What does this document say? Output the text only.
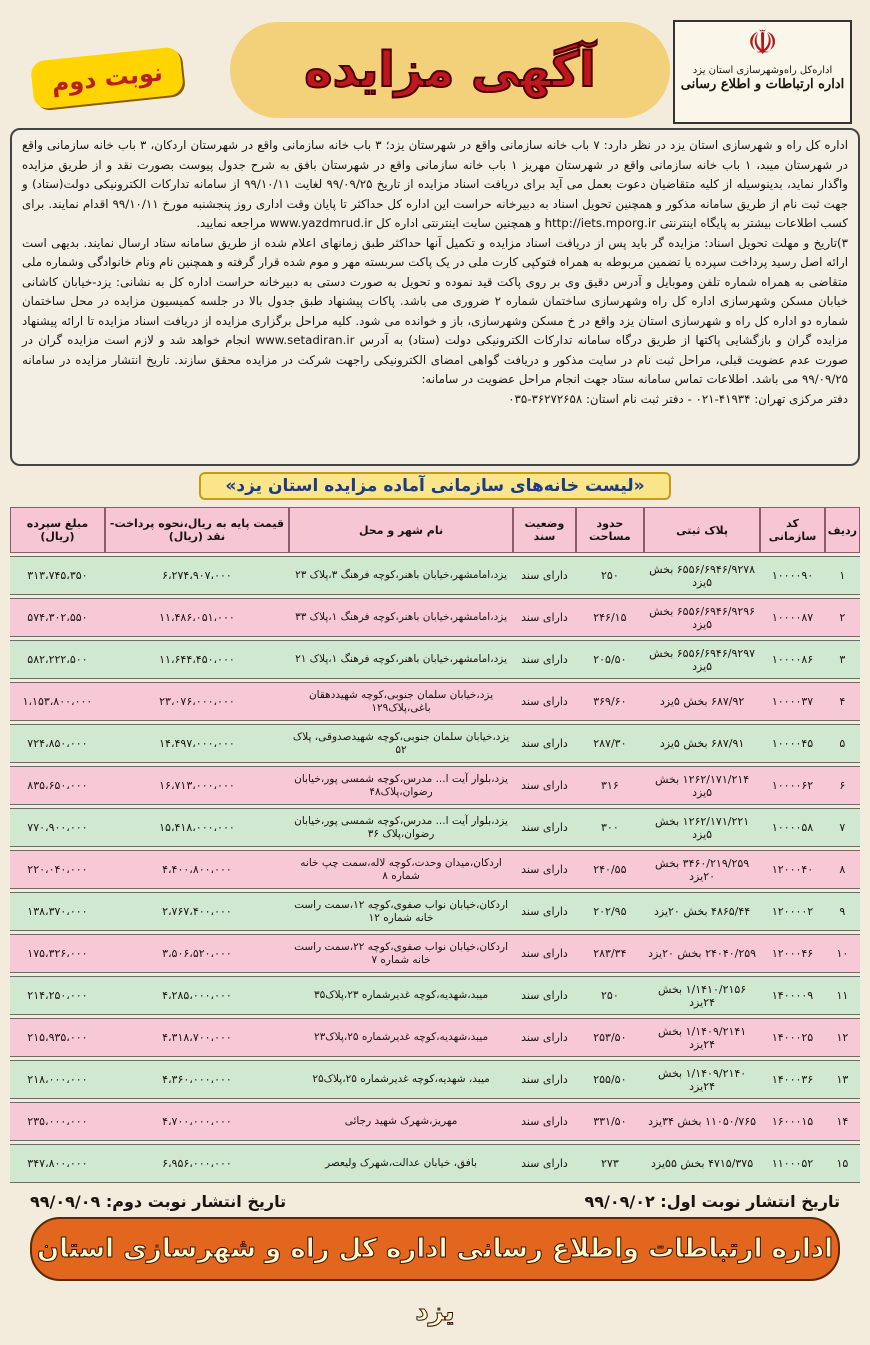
نوبت دوم	آگهی مزایده	☫
اداره‌کل راه‌وشهرسازی استان یزد
اداره ارتباطات و اطلاع رسانی

اداره کل راه و شهرسازی استان یزد در نظر دارد: ۷ باب خانه سازمانی واقع در شهرستان یزد؛ ۳ باب خانه سازمانی واقع در شهرستان اردکان، ۳ باب خانه سازمانی واقع در شهرستان میبد، ۱ باب خانه سازمانی واقع در شهرستان مهریز ۱ باب خانه سازمانی واقع در شهرستان بافق به شرح جدول پیوست بصورت نقد و از طریق مزایده واگذار نماید، بدینوسیله از کلیه متقاضیان دعوت بعمل می آید برای دریافت اسناد مزایده از تاریخ ۹۹/۰۹/۲۵ لغایت ۹۹/۱۰/۱۱ از سامانه تدارکات الکترونیکی دولت(ستاد) و جهت ثبت نام از طریق سامانه مذکور و همچنین تحویل اسناد به دبیرخانه حراست این اداره کل حداکثر تا پایان وقت اداری روز پنجشنبه مورخ ۹۹/۱۰/۱۱ اقدام نمایند. برای کسب اطلاعات بیشتر به پایگاه اینترنتی http://iets.mporg.ir و همچنین سایت اینترنتی اداره کل www.yazdmrud.ir مراجعه نمایید.

۳)تاریخ و مهلت تحویل اسناد: مزایده گر باید پس از دریافت اسناد مزایده و تکمیل آنها حداکثر طبق زمانهای اعلام شده از طریق سامانه ستاد ارسال نمایند. بدیهی است ارائه اصل رسید پرداخت سپرده یا تضمین مربوطه به همراه فتوکپی کارت ملی در یک پاکت سربسته مهر و موم شده قرار گرفته و همچنین نام ونام خانوادگی وشماره ملی متقاضی به همراه شماره تلفن وموبایل و آدرس دقیق وی بر روی پاکت قید نموده و تحویل به صورت دستی به دبیرخانه حراست اداره کل به نشانی: یزد-خیابان کاشانی خیابان مسکن وشهرسازی اداره کل راه وشهرسازی ساختمان شماره ۲ ضروری می باشد. پاکات پیشنهاد طبق جدول بالا در جلسه کمیسیون مزایده در محل ساختمان شماره دو اداره کل راه و شهرسازی استان یزد واقع در خ مسکن وشهرسازی، باز و خوانده می شود. کلیه مراحل برگزاری مزایده از دریافت اسناد مزایده تا ارائه پیشنهاد مزایده گران و بازگشایی پاکتها از طریق درگاه سامانه تدارکات الکترونیکی دولت (ستاد) به آدرس www.setadiran.ir انجام خواهد شد و لازم است مزایده گران در صورت عدم عضویت قبلی، مراحل ثبت نام در سایت مذکور و دریافت گواهی امضای الکترونیکی راجهت شرکت در مزایده محقق سازند. تاریخ انتشار مزایده در سامانه ۹۹/۰۹/۲۵ می باشد. اطلاعات تماس سامانه ستاد جهت انجام مراحل عضویت در سامانه:

دفتر مرکزی تهران: ۴۱۹۳۴-۰۲۱ - دفتر ثبت نام استان: ۳۶۲۷۲۶۵۸-۰۳۵

«لیست خانه‌های سازمانی آماده مزایده استان یزد»
ردیف	کد سازمانی	پلاک ثبتی	حدود مساحت	وضعیت سند	نام شهر و محل	قیمت پایه به ریال،نحوه پرداخت-نقد (ریال)	مبلغ سپرده (ریال)
۱	۱۰۰۰۰۹۰	۶۵۵۶/۶۹۴۶/۹۲۷۸ بخش ۵یزد	۲۵۰	دارای سند	یزد،امامشهر،خیابان باهنر،کوچه فرهنگ ۳،پلاک ۲۳	۶،۲۷۴،۹۰۷،۰۰۰	۳۱۳،۷۴۵،۳۵۰
۲	۱۰۰۰۰۸۷	۶۵۵۶/۶۹۴۶/۹۲۹۶ بخش ۵یزد	۲۴۶/۱۵	دارای سند	یزد،امامشهر،خیابان باهنر،کوچه فرهنگ ۱،پلاک ۳۳	۱۱،۴۸۶،۰۵۱،۰۰۰	۵۷۴،۳۰۲،۵۵۰
۳	۱۰۰۰۰۸۶	۶۵۵۶/۶۹۴۶/۹۲۹۷ بخش ۵یزد	۲۰۵/۵۰	دارای سند	یزد،امامشهر،خیابان باهنر،کوچه فرهنگ ۱،پلاک ۲۱	۱۱،۶۴۴،۴۵۰،۰۰۰	۵۸۲،۲۲۲،۵۰۰
۴	۱۰۰۰۰۳۷	۶۸۷/۹۲ بخش ۵یزد	۳۶۹/۶۰	دارای سند	یزد،خیابان سلمان جنوبی،کوچه شهیددهقان باغی،پلاک۱۲۹	۲۳،۰۷۶،۰۰۰،۰۰۰	۱،۱۵۳،۸۰۰،۰۰۰
۵	۱۰۰۰۰۴۵	۶۸۷/۹۱ بخش ۵یزد	۲۸۷/۳۰	دارای سند	یزد،خیابان سلمان جنوبی،کوچه شهیدصدوقی، پلاک ۵۲	۱۴،۴۹۷،۰۰۰،۰۰۰	۷۲۴،۸۵۰،۰۰۰
۶	۱۰۰۰۰۶۲	۱۲۶۲/۱۷۱/۲۱۴ بخش ۵یزد	۳۱۶	دارای سند	یزد،بلوار آیت ا... مدرس،کوچه شمسی پور،خیابان رضوان،پلاک۴۸	۱۶،۷۱۳،۰۰۰،۰۰۰	۸۳۵،۶۵۰،۰۰۰
۷	۱۰۰۰۰۵۸	۱۲۶۲/۱۷۱/۲۲۱ بخش ۵یزد	۳۰۰	دارای سند	یزد،بلوار آیت ا... مدرس،کوچه شمسی پور،خیابان رضوان،پلاک ۳۶	۱۵،۴۱۸،۰۰۰،۰۰۰	۷۷۰،۹۰۰،۰۰۰
۸	۱۲۰۰۰۴۰	۳۴۶۰/۲۱۹/۲۵۹ بخش ۲۰یزد	۲۴۰/۵۵	دارای سند	اردکان،میدان وحدت،کوچه لاله،سمت چپ خانه شماره ۸	۴،۴۰۰،۸۰۰،۰۰۰	۲۲۰،۰۴۰،۰۰۰
۹	۱۲۰۰۰۰۲	۴۸۶۵/۴۴ بخش ۲۰یزد	۲۰۲/۹۵	دارای سند	اردکان،خیابان نواب صفوی،کوچه ۱۲،سمت راست خانه شماره ۱۲	۲،۷۶۷،۴۰۰،۰۰۰	۱۳۸،۳۷۰،۰۰۰
۱۰	۱۲۰۰۰۴۶	۲۴۰۴۰/۲۵۹ بخش ۲۰یزد	۲۸۳/۳۴	دارای سند	اردکان،خیابان نواب صفوی،کوچه ۲۲،سمت راست خانه شماره ۷	۳،۵۰۶،۵۲۰،۰۰۰	۱۷۵،۳۲۶،۰۰۰
۱۱	۱۴۰۰۰۰۹	۱/۱۴۱۰/۲۱۵۶ بخش ۲۴یزد	۲۵۰	دارای سند	میبد،شهدیه،کوچه غدیرشماره ۲۳،پلاک۳۵	۴،۲۸۵،۰۰۰،۰۰۰	۲۱۴،۲۵۰،۰۰۰
۱۲	۱۴۰۰۰۲۵	۱/۱۴۰۹/۲۱۴۱ بخش ۲۴یزد	۲۵۳/۵۰	دارای سند	میبد،شهدیه،کوچه غدیرشماره ۲۵،پلاک۲۳	۴،۳۱۸،۷۰۰،۰۰۰	۲۱۵،۹۳۵،۰۰۰
۱۳	۱۴۰۰۰۳۶	۱/۱۴۰۹/۲۱۴۰ بخش ۲۴یزد	۲۵۵/۵۰	دارای سند	میبد، شهدیه،کوچه غدیرشماره ۲۵،پلاک۲۵	۴،۳۶۰،۰۰۰،۰۰۰	۲۱۸،۰۰۰،۰۰۰
۱۴	۱۶۰۰۰۱۵	۱۱۰۵۰/۷۶۵ بخش ۳۴یزد	۳۳۱/۵۰	دارای سند	مهریز،شهرک شهید رجائی	۴،۷۰۰،۰۰۰،۰۰۰	۲۳۵،۰۰۰،۰۰۰
۱۵	۱۱۰۰۰۵۲	۴۷۱۵/۳۷۵ بخش ۵۵یزد	۲۷۳	دارای سند	بافق، خیابان عدالت،شهرک ولیعصر	۶،۹۵۶،۰۰۰،۰۰۰	۳۴۷،۸۰۰،۰۰۰
تاریخ انتشار نوبت اول: ۹۹/۰۹/۰۲
تاریخ انتشار نوبت دوم: ۹۹/۰۹/۰۹
اداره ارتباطات واطلاع رسانی اداره کل راه و شهرسازی استان یزد
